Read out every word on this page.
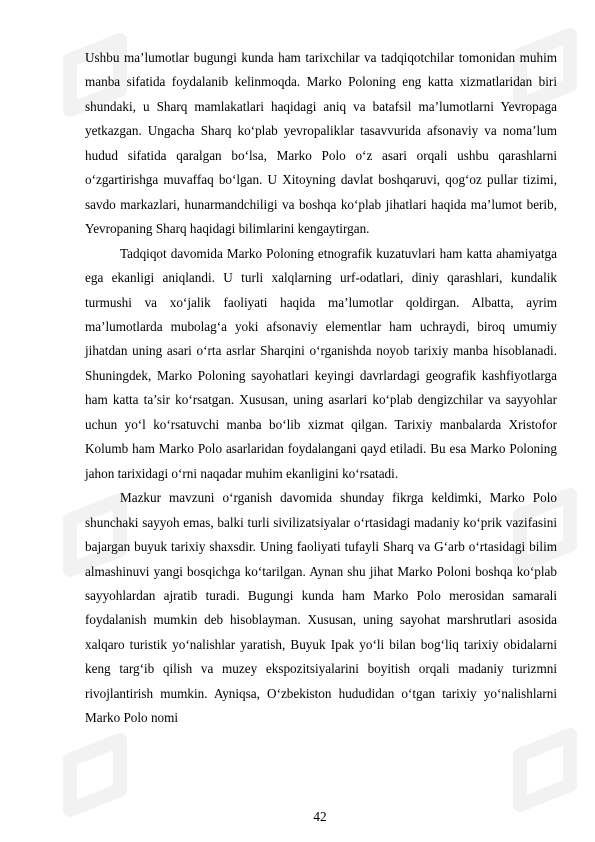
Ushbu ma’lumotlar bugungi kunda ham tarixchilar va tadqiqotchilar tomonidan muhim manba sifatida foydalanib kelinmoqda. Marko Poloning eng katta xizmatlaridan biri shundaki, u Sharq mamlakatlari haqidagi aniq va batafsil ma’lumotlarni Yevropaga yetkazgan. Ungacha Sharq ko‘plab yevropaliklar tasavvurida afsonaviy va noma’lum hudud sifatida qaralgan bo‘lsa, Marko Polo o‘z asari orqali ushbu qarashlarni o‘zgartirishga muvaffaq bo‘lgan. U Xitoyning davlat boshqaruvi, qog‘oz pullar tizimi, savdo markazlari, hunarmandchiligi va boshqa ko‘plab jihatlari haqida ma’lumot berib, Yevropaning Sharq haqidagi bilimlarini kengaytirgan.

Tadqiqot davomida Marko Poloning etnografik kuzatuvlari ham katta ahamiyatga ega ekanligi aniqlandi. U turli xalqlarning urf-odatlari, diniy qarashlari, kundalik turmushi va xo‘jalik faoliyati haqida ma’lumotlar qoldirgan. Albatta, ayrim ma’lumotlarda mubolag‘a yoki afsonaviy elementlar ham uchraydi, biroq umumiy jihatdan uning asari o‘rta asrlar Sharqini o‘rganishda noyob tarixiy manba hisoblanadi. Shuningdek, Marko Poloning sayohatlari keyingi davrlardagi geografik kashfiyotlarga ham katta ta’sir ko‘rsatgan. Xususan, uning asarlari ko‘plab dengizchilar va sayyohlar uchun yo‘l ko‘rsatuvchi manba bo‘lib xizmat qilgan. Tarixiy manbalarda Xristofor Kolumb ham Marko Polo asarlaridan foydalangani qayd etiladi. Bu esa Marko Poloning jahon tarixidagi o‘rni naqadar muhim ekanligini ko‘rsatadi.

Mazkur mavzuni o‘rganish davomida shunday fikrga keldimki, Marko Polo shunchaki sayyoh emas, balki turli sivilizatsiyalar o‘rtasidagi madaniy ko‘prik vazifasini bajargan buyuk tarixiy shaxsdir. Uning faoliyati tufayli Sharq va G‘arb o‘rtasidagi bilim almashinuvi yangi bosqichga ko‘tarilgan. Aynan shu jihat Marko Poloni boshqa ko‘plab sayyohlardan ajratib turadi. Bugungi kunda ham Marko Polo merosidan samarali foydalanish mumkin deb hisoblayman. Xususan, uning sayohat marshrutlari asosida xalqaro turistik yo‘nalishlar yaratish, Buyuk Ipak yo‘li bilan bog‘liq tarixiy obidalarni keng targ‘ib qilish va muzey ekspozitsiyalarini boyitish orqali madaniy turizmni rivojlantirish mumkin. Ayniqsa, O‘zbekiston hududidan o‘tgan tarixiy yo‘nalishlarni Marko Polo nomi

42
